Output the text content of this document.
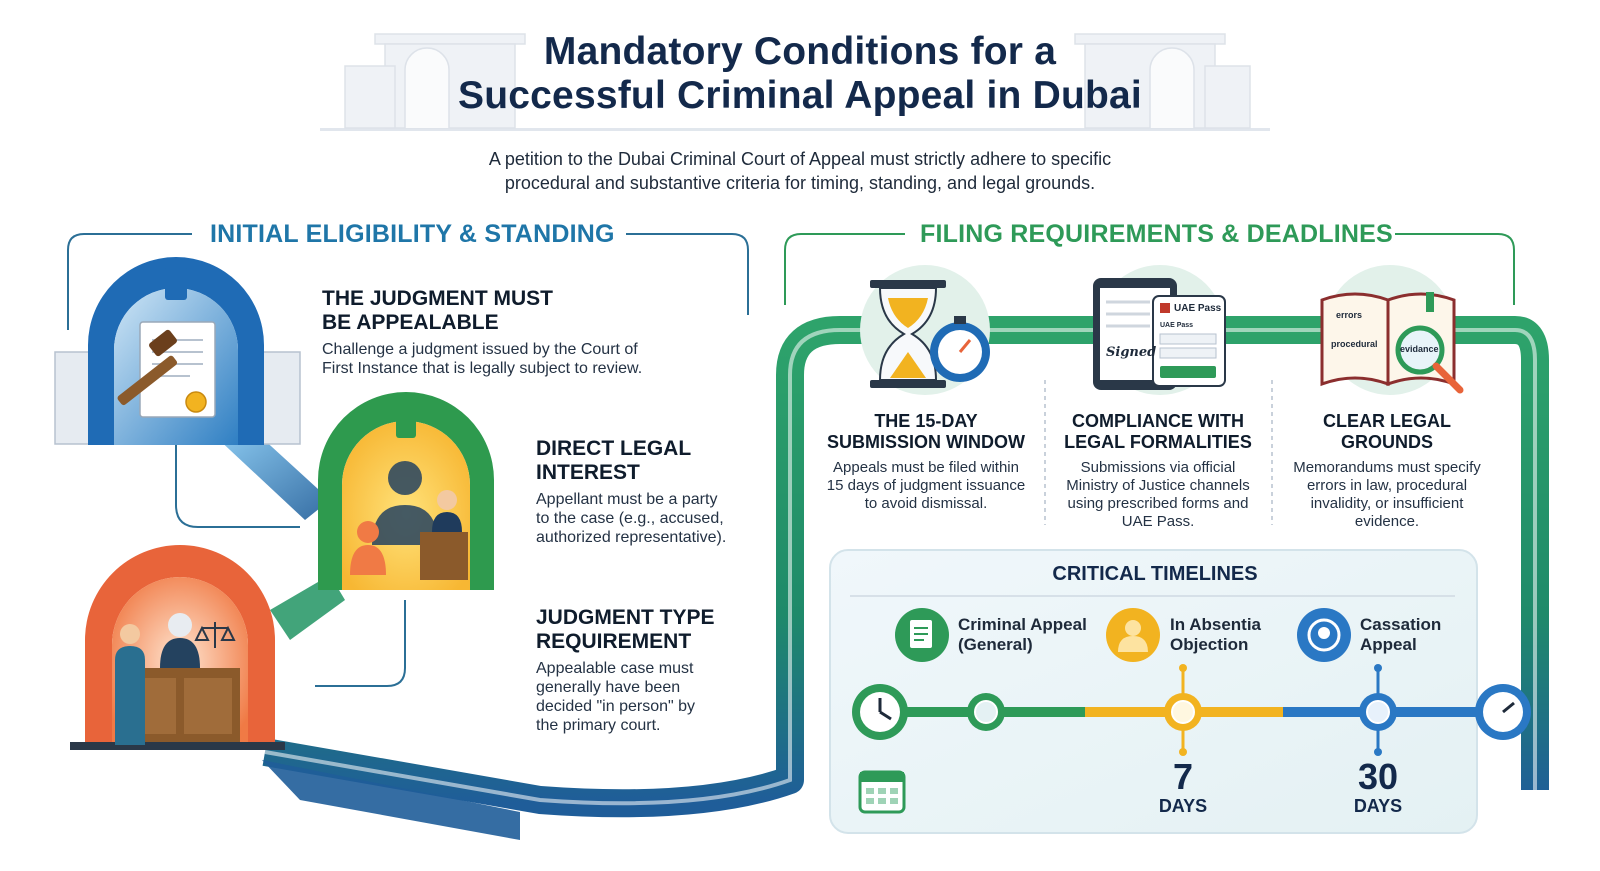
Mandatory Conditions for a
Successful Criminal Appeal in Dubai
A petition to the Dubai Criminal Court of Appeal must strictly adhere to specific
procedural and substantive criteria for timing, standing, and legal grounds.
INITIAL ELIGIBILITY & STANDING	FILING REQUIREMENTS & DEADLINES
THE JUDGMENT MUST
BE APPEALABLE
Challenge a judgment issued by the Court of
First Instance that is legally subject to review.
DIRECT LEGAL
INTEREST
Appellant must be a party
to the case (e.g., accused,
authorized representative).
JUDGMENT TYPE
REQUIREMENT
Appealable case must
generally have been
decided "in person" by
the primary court.
THE 15-DAY
SUBMISSION WINDOW
Appeals must be filed within
15 days of judgment issuance
to avoid dismissal.
COMPLIANCE WITH
LEGAL FORMALITIES
Submissions via official
Ministry of Justice channels
using prescribed forms and
UAE Pass.
CLEAR LEGAL
GROUNDS
Memorandums must specify
errors in law, procedural
invalidity, or insufficient
evidence.
UAE Pass
UAE Pass
Signed
errors
procedural evidance
CRITICAL TIMELINES
Criminal Appeal
(General)
In Absentia
Objection
Cassation
Appeal
7
DAYS
30
DAYS
